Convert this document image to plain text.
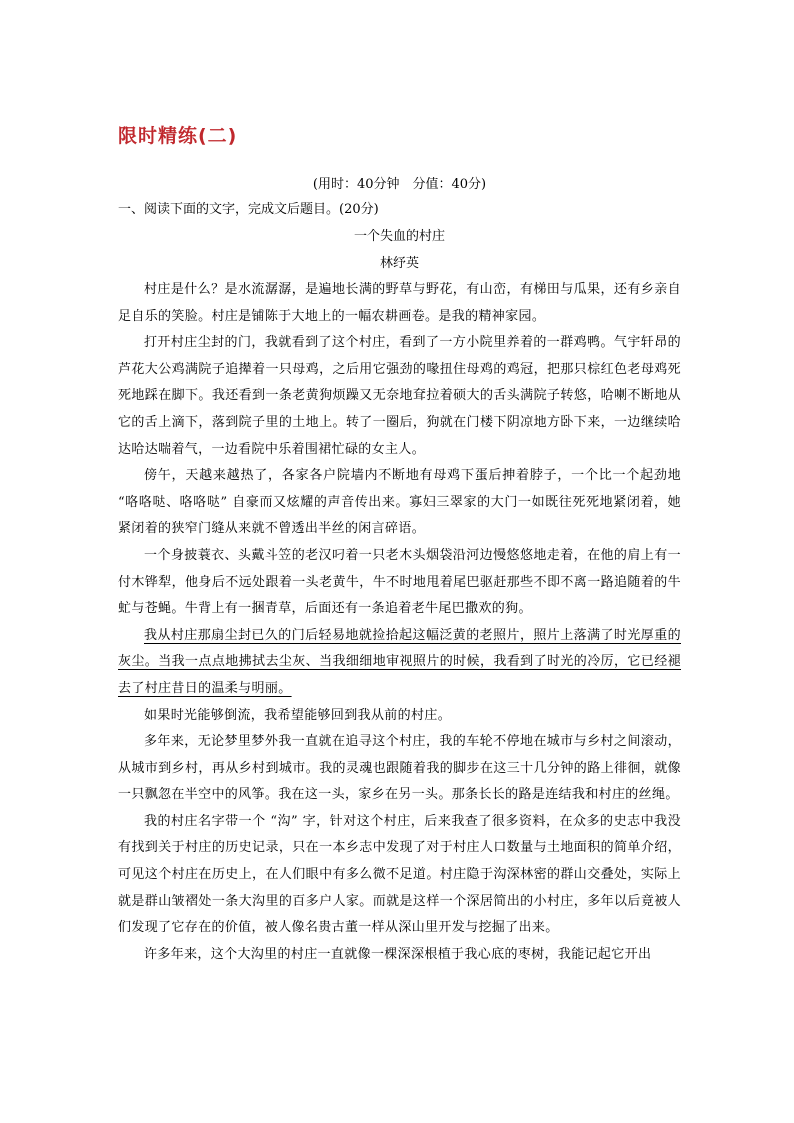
限时精练(二)
(用时：40分钟　分值：40分)
一、阅读下面的文字，完成文后题目。(20分)
一个失血的村庄
林纾英

村庄是什么？是水流潺潺，是遍地长满的野草与野花，有山峦，有梯田与瓜果，还有乡亲自足自乐的笑脸。村庄是铺陈于大地上的一幅农耕画卷。是我的精神家园。

打开村庄尘封的门，我就看到了这个村庄，看到了一方小院里养着的一群鸡鸭。气宇轩昂的芦花大公鸡满院子追撵着一只母鸡，之后用它强劲的喙扭住母鸡的鸡冠，把那只棕红色老母鸡死死地踩在脚下。我还看到一条老黄狗烦躁又无奈地耷拉着硕大的舌头满院子转悠，哈喇不断地从它的舌上滴下，落到院子里的土地上。转了一圈后，狗就在门楼下阴凉地方卧下来，一边继续哈达哈达喘着气，一边看院中乐着围裙忙碌的女主人。

傍午，天越来越热了，各家各户院墙内不断地有母鸡下蛋后抻着脖子，一个比一个起劲地 “咯咯哒、咯咯哒” 自豪而又炫耀的声音传出来。寡妇三翠家的大门一如既往死死地紧闭着，她紧闭着的狭窄门缝从来就不曾透出半丝的闲言碎语。

一个身披蓑衣、头戴斗笠的老汉叼着一只老木头烟袋沿河边慢悠悠地走着，在他的肩上有一付木铧犁，他身后不远处跟着一头老黄牛，牛不时地甩着尾巴驱赶那些不即不离一路追随着的牛虻与苍蝇。牛背上有一捆青草，后面还有一条追着老牛尾巴撒欢的狗。

我从村庄那扇尘封已久的门后轻易地就捡拾起这幅泛黄的老照片，照片上落满了时光厚重的灰尘。当我一点点地拂拭去尘灰、当我细细地审视照片的时候，我看到了时光的冷厉，它已经褪去了村庄昔日的温柔与明丽。

如果时光能够倒流，我希望能够回到我从前的村庄。

多年来，无论梦里梦外我一直就在追寻这个村庄，我的车轮不停地在城市与乡村之间滚动，从城市到乡村，再从乡村到城市。我的灵魂也跟随着我的脚步在这三十几分钟的路上徘徊，就像一只飘忽在半空中的风筝。我在这一头，家乡在另一头。那条长长的路是连结我和村庄的丝绳。

我的村庄名字带一个 “沟” 字，针对这个村庄，后来我查了很多资料，在众多的史志中我没有找到关于村庄的历史记录，只在一本乡志中发现了对于村庄人口数量与土地面积的简单介绍，可见这个村庄在历史上，在人们眼中有多么微不足道。村庄隐于沟深林密的群山交叠处，实际上就是群山皱褶处一条大沟里的百多户人家。而就是这样一个深居简出的小村庄，多年以后竟被人们发现了它存在的价值，被人像名贵古董一样从深山里开发与挖掘了出来。

许多年来，这个大沟里的村庄一直就像一棵深深根植于我心底的枣树，我能记起它开出
